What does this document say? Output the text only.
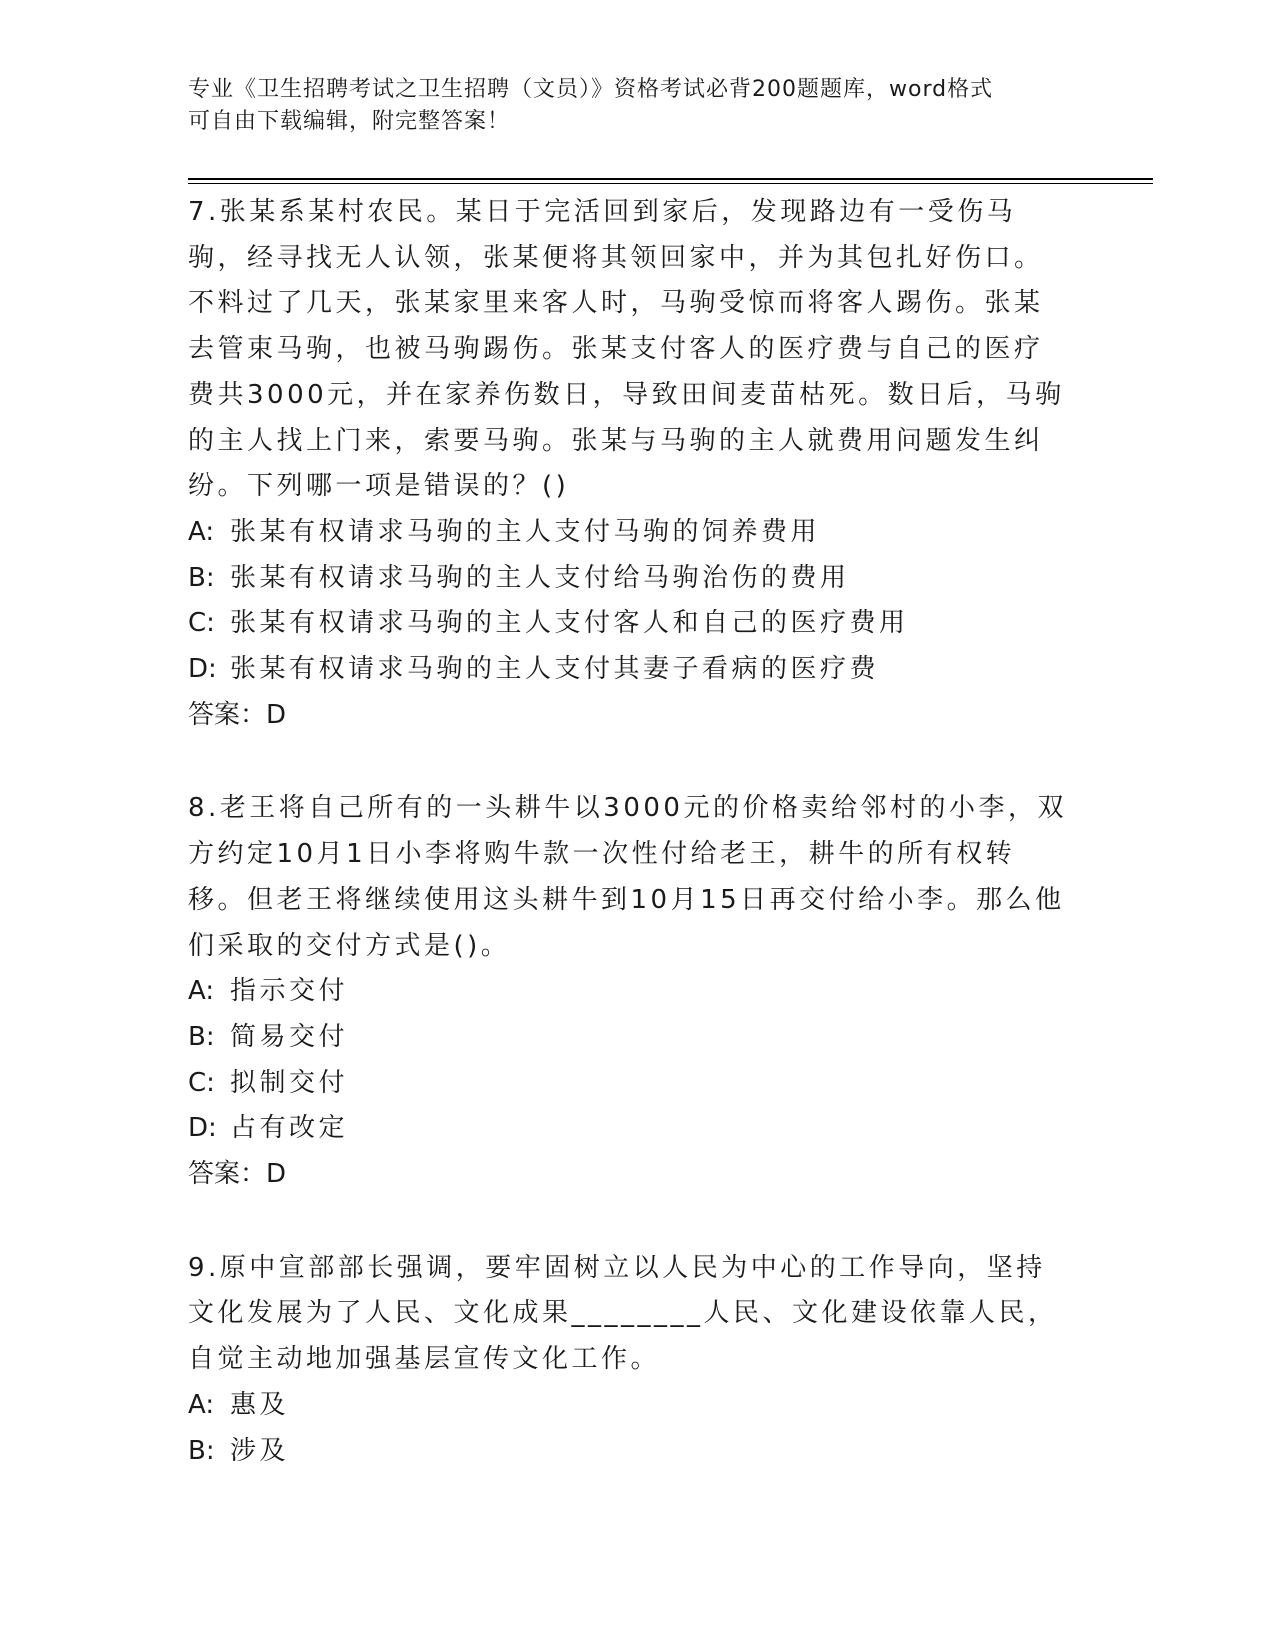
专业《卫生招聘考试之卫生招聘（文员）》资格考试必背200题题库，word格式
可自由下载编辑，附完整答案！

7.张某系某村农民。某日于完活回到家后，发现路边有一受伤马驹，经寻找无人认领，张某便将其领回家中，并为其包扎好伤口。不料过了几天，张某家里来客人时，马驹受惊而将客人踢伤。张某去管束马驹，也被马驹踢伤。张某支付客人的医疗费与自己的医疗费共3000元，并在家养伤数日，导致田间麦苗枯死。数日后，马驹的主人找上门来，索要马驹。张某与马驹的主人就费用问题发生纠纷。下列哪一项是错误的？()

A: 张某有权请求马驹的主人支付马驹的饲养费用

B: 张某有权请求马驹的主人支付给马驹治伤的费用

C: 张某有权请求马驹的主人支付客人和自己的医疗费用

D: 张某有权请求马驹的主人支付其妻子看病的医疗费

答案：D

8.老王将自己所有的一头耕牛以3000元的价格卖给邻村的小李，双方约定10月1日小李将购牛款一次性付给老王，耕牛的所有权转移。但老王将继续使用这头耕牛到10月15日再交付给小李。那么他们采取的交付方式是()。

A: 指示交付

B: 简易交付

C: 拟制交付

D: 占有改定

答案：D

9.原中宣部部长强调，要牢固树立以人民为中心的工作导向，坚持文化发展为了人民、文化成果________人民、文化建设依靠人民，自觉主动地加强基层宣传文化工作。

A: 惠及

B: 涉及
